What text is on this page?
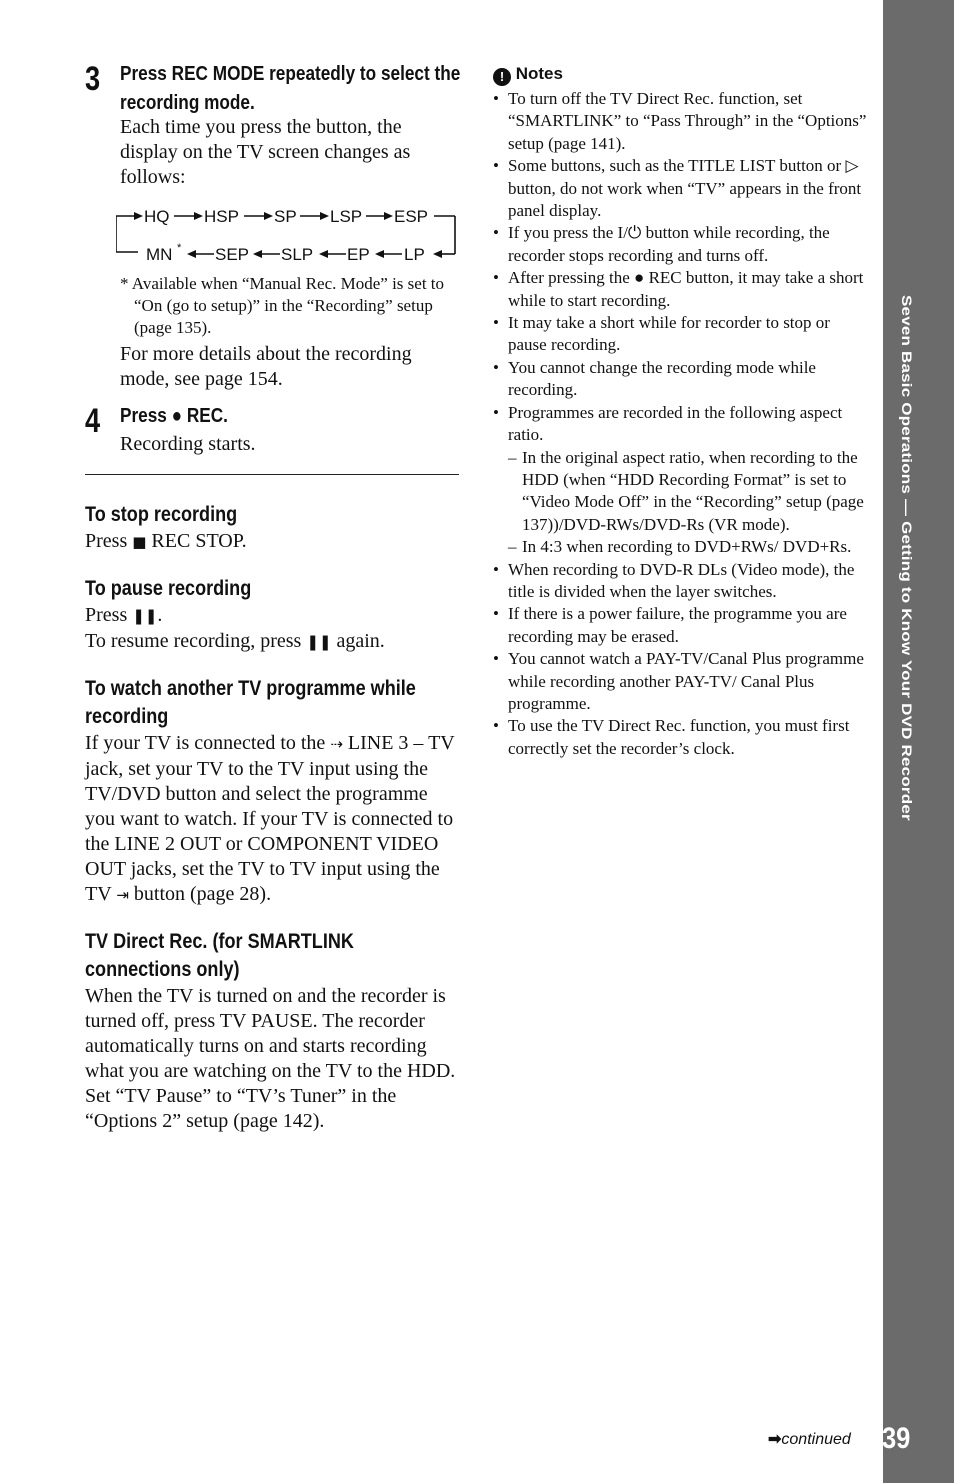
Seven Basic Operations — Getting to Know Your DVD Recorder
39
➡continued
3 Press REC MODE repeatedly to select the recording mode.
Each time you press the button, the display on the TV screen changes as follows:
HQ HSP SP LSP ESP
MN * SEP SLP EP LP
* Available when “Manual Rec. Mode” is set to “On (go to setup)” in the “Recording” setup (page 135).
For more details about the recording mode, see page 154.
4 Press ● REC.
Recording starts.
To stop recording
Press ■ REC STOP.
To pause recording
Press ❚❚.
To resume recording, press ❚❚ again.
To watch another TV programme while recording
If your TV is connected to the ⇢ LINE 3 – TV jack, set your TV to the TV input using the TV/DVD button and select the programme you want to watch. If your TV is connected to the LINE 2 OUT or COMPONENT VIDEO OUT jacks, set the TV to TV input using the TV ⇥ button (page 28).
TV Direct Rec. (for SMARTLINK connections only)
When the TV is turned on and the recorder is turned off, press TV PAUSE. The recorder automatically turns on and starts recording what you are watching on the TV to the HDD.
Set “TV Pause” to “TV’s Tuner” in the “Options 2” setup (page 142).
! Notes
• To turn off the TV Direct Rec. function, set “SMARTLINK” to “Pass Through” in the “Options” setup (page 141).
• Some buttons, such as the TITLE LIST button or ▷ button, do not work when “TV” appears in the front panel display.
• If you press the I/⏻ button while recording, the recorder stops recording and turns off.
• After pressing the ● REC button, it may take a short while to start recording.
• It may take a short while for recorder to stop or pause recording.
• You cannot change the recording mode while recording.
• Programmes are recorded in the following aspect ratio.
– In the original aspect ratio, when recording to the HDD (when “HDD Recording Format” is set to “Video Mode Off” in the “Recording” setup (page 137))/DVD-RWs/DVD-Rs (VR mode).
– In 4:3 when recording to DVD+RWs/ DVD+Rs.
• When recording to DVD-R DLs (Video mode), the title is divided when the layer switches.
• If there is a power failure, the programme you are recording may be erased.
• You cannot watch a PAY-TV/Canal Plus programme while recording another PAY-TV/ Canal Plus programme.
• To use the TV Direct Rec. function, you must first correctly set the recorder’s clock.
